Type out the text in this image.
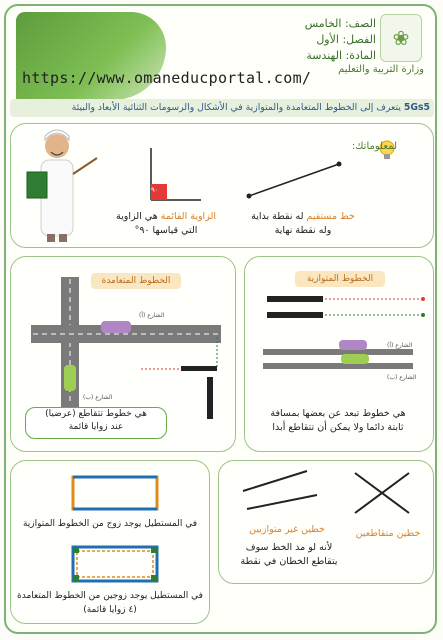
الصف: الخامس
الفصل: الأول
المادة: الهندسة
❀
وزارة التربية والتعليم
https://www.omaneducportal.com/
5Gs5 يتعرف إلى الخطوط المتعامدة والمتوازية في الأشكال والرسومات الثنائية الأبعاد والبيئة
لمعلوماتك:
خط مستقيم له نقطة بداية
وله نقطة نهاية
٩٠
الزاوية القائمة هي الزاوية
التي قياسها ٩٠°
الخطوط المتعامدة
الشارع (أ)
الشارع (ب)
هي خطوط تتقاطع (عرضيا)
عند زوايا قائمة
الخطوط المتوازية
الشارع (أ)
الشارع (ب)
هي خطوط تبعد عن بعضها بمسافة
ثابتة دائما ولا يمكن أن تتقاطع أبدا
في المستطيل يوجد زوج من الخطوط المتوازية
في المستطيل يوجد زوجين من الخطوط المتعامدة
(٤ زوايا قائمة)
خطين متقاطعين
خطين غير متوازيين
لأنه لو مد الخط سوف
يتقاطع الخطان في نقطة
